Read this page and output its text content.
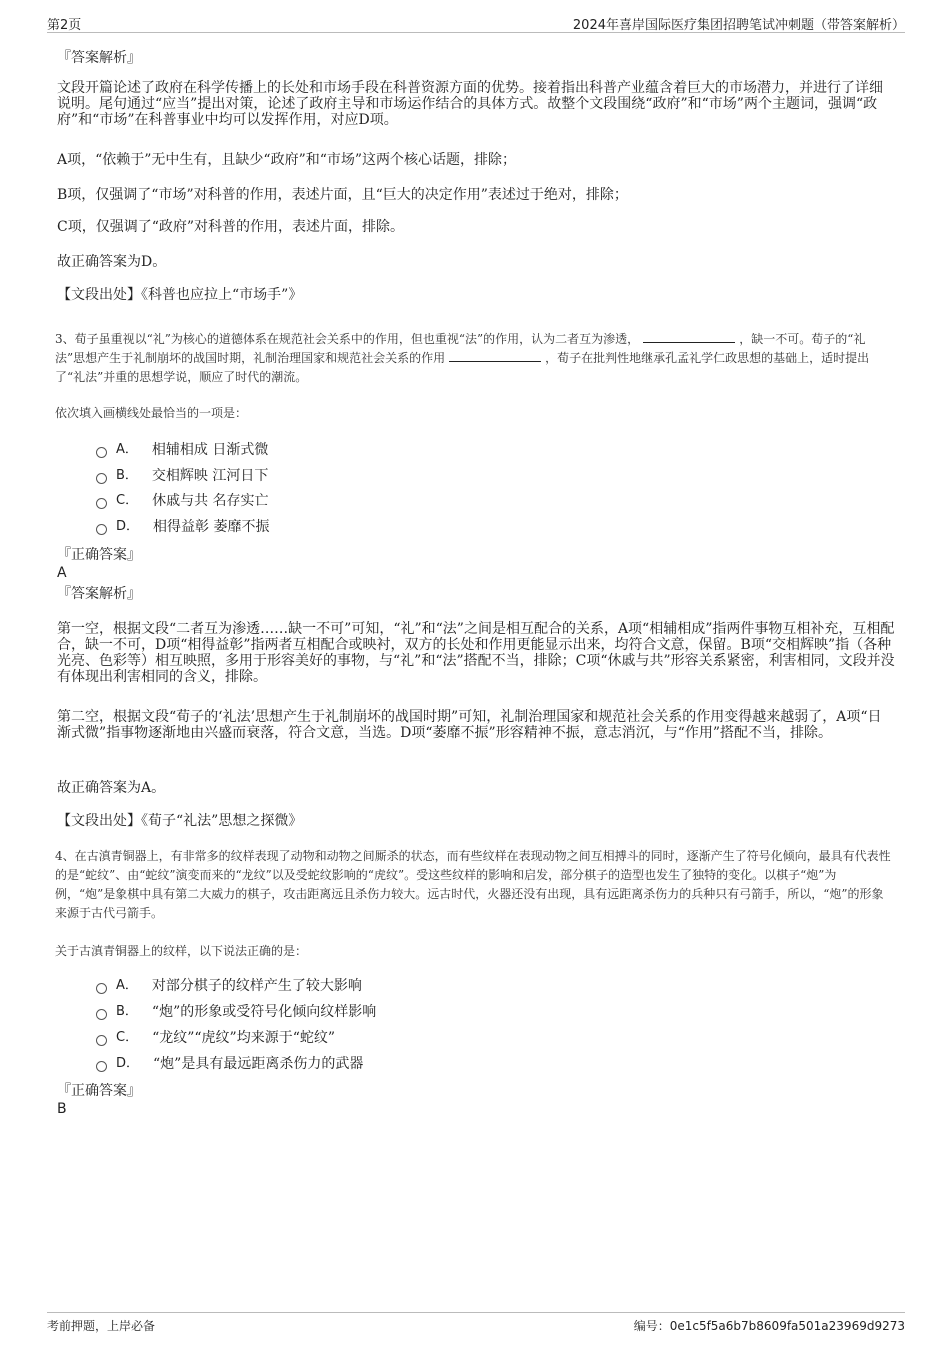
第2页	2024年喜岸国际医疗集团招聘笔试冲刺题（带答案解析）
『答案解析』
文段开篇论述了政府在科学传播上的长处和市场手段在科普资源方面的优势。接着指出科普产业蕴含着巨大的市场潜力，并进行了详细说明。尾句通过“应当”提出对策，论述了政府主导和市场运作结合的具体方式。故整个文段围绕“政府”和“市场”两个主题词，强调“政府”和“市场”在科普事业中均可以发挥作用，对应D项。
A项，“依赖于”无中生有，且缺少“政府”和“市场”这两个核心话题，排除；
B项，仅强调了“市场”对科普的作用，表述片面，且“巨大的决定作用”表述过于绝对，排除；
C项，仅强调了“政府”对科普的作用，表述片面，排除。
故正确答案为D。
【文段出处】《科普也应拉上“市场手”》
3、荀子虽重视以“礼”为核心的道德体系在规范社会关系中的作用，但也重视“法”的作用，认为二者互为渗透，	，缺一不可。荀子的“礼法”思想产生于礼制崩坏的战国时期，礼制治理国家和规范社会关系的作用	，荀子在批判性地继承孔孟礼学仁政思想的基础上，适时提出了“礼法”并重的思想学说，顺应了时代的潮流。
依次填入画横线处最恰当的一项是：
A． 相辅相成 日渐式微
B． 交相辉映 江河日下
C． 休戚与共 名存实亡
D． 相得益彰 萎靡不振
『正确答案』
A
『答案解析』
第一空，根据文段“二者互为渗透……缺一不可”可知，“礼”和“法”之间是相互配合的关系，A项“相辅相成”指两件事物互相补充，互相配合，缺一不可，D项“相得益彰”指两者互相配合或映衬，双方的长处和作用更能显示出来，均符合文意，保留。B项“交相辉映”指（各种光亮、色彩等）相互映照，多用于形容美好的事物，与“礼”和“法”搭配不当，排除；C项“休戚与共”形容关系紧密，利害相同，文段并没有体现出利害相同的含义，排除。
第二空，根据文段“荀子的‘礼法’思想产生于礼制崩坏的战国时期”可知，礼制治理国家和规范社会关系的作用变得越来越弱了，A项“日渐式微”指事物逐渐地由兴盛而衰落，符合文意，当选。D项“萎靡不振”形容精神不振，意志消沉，与“作用”搭配不当，排除。
故正确答案为A。
【文段出处】《荀子“礼法”思想之探微》
4、在古滇青铜器上，有非常多的纹样表现了动物和动物之间厮杀的状态，而有些纹样在表现动物之间互相搏斗的同时，逐渐产生了符号化倾向，最具有代表性的是“蛇纹”、由“蛇纹”演变而来的“龙纹”以及受蛇纹影响的“虎纹”。受这些纹样的影响和启发，部分棋子的造型也发生了独特的变化。以棋子“炮”为例，“炮”是象棋中具有第二大威力的棋子，攻击距离远且杀伤力较大。远古时代，火器还没有出现，具有远距离杀伤力的兵种只有弓箭手，所以，“炮”的形象来源于古代弓箭手。
关于古滇青铜器上的纹样，以下说法正确的是：
A． 对部分棋子的纹样产生了较大影响
B． “炮”的形象或受符号化倾向纹样影响
C． “龙纹”“虎纹”均来源于“蛇纹”
D． “炮”是具有最远距离杀伤力的武器
『正确答案』
B
考前押题，上岸必备	编号：0e1c5f5a6b7b8609fa501a23969d9273
